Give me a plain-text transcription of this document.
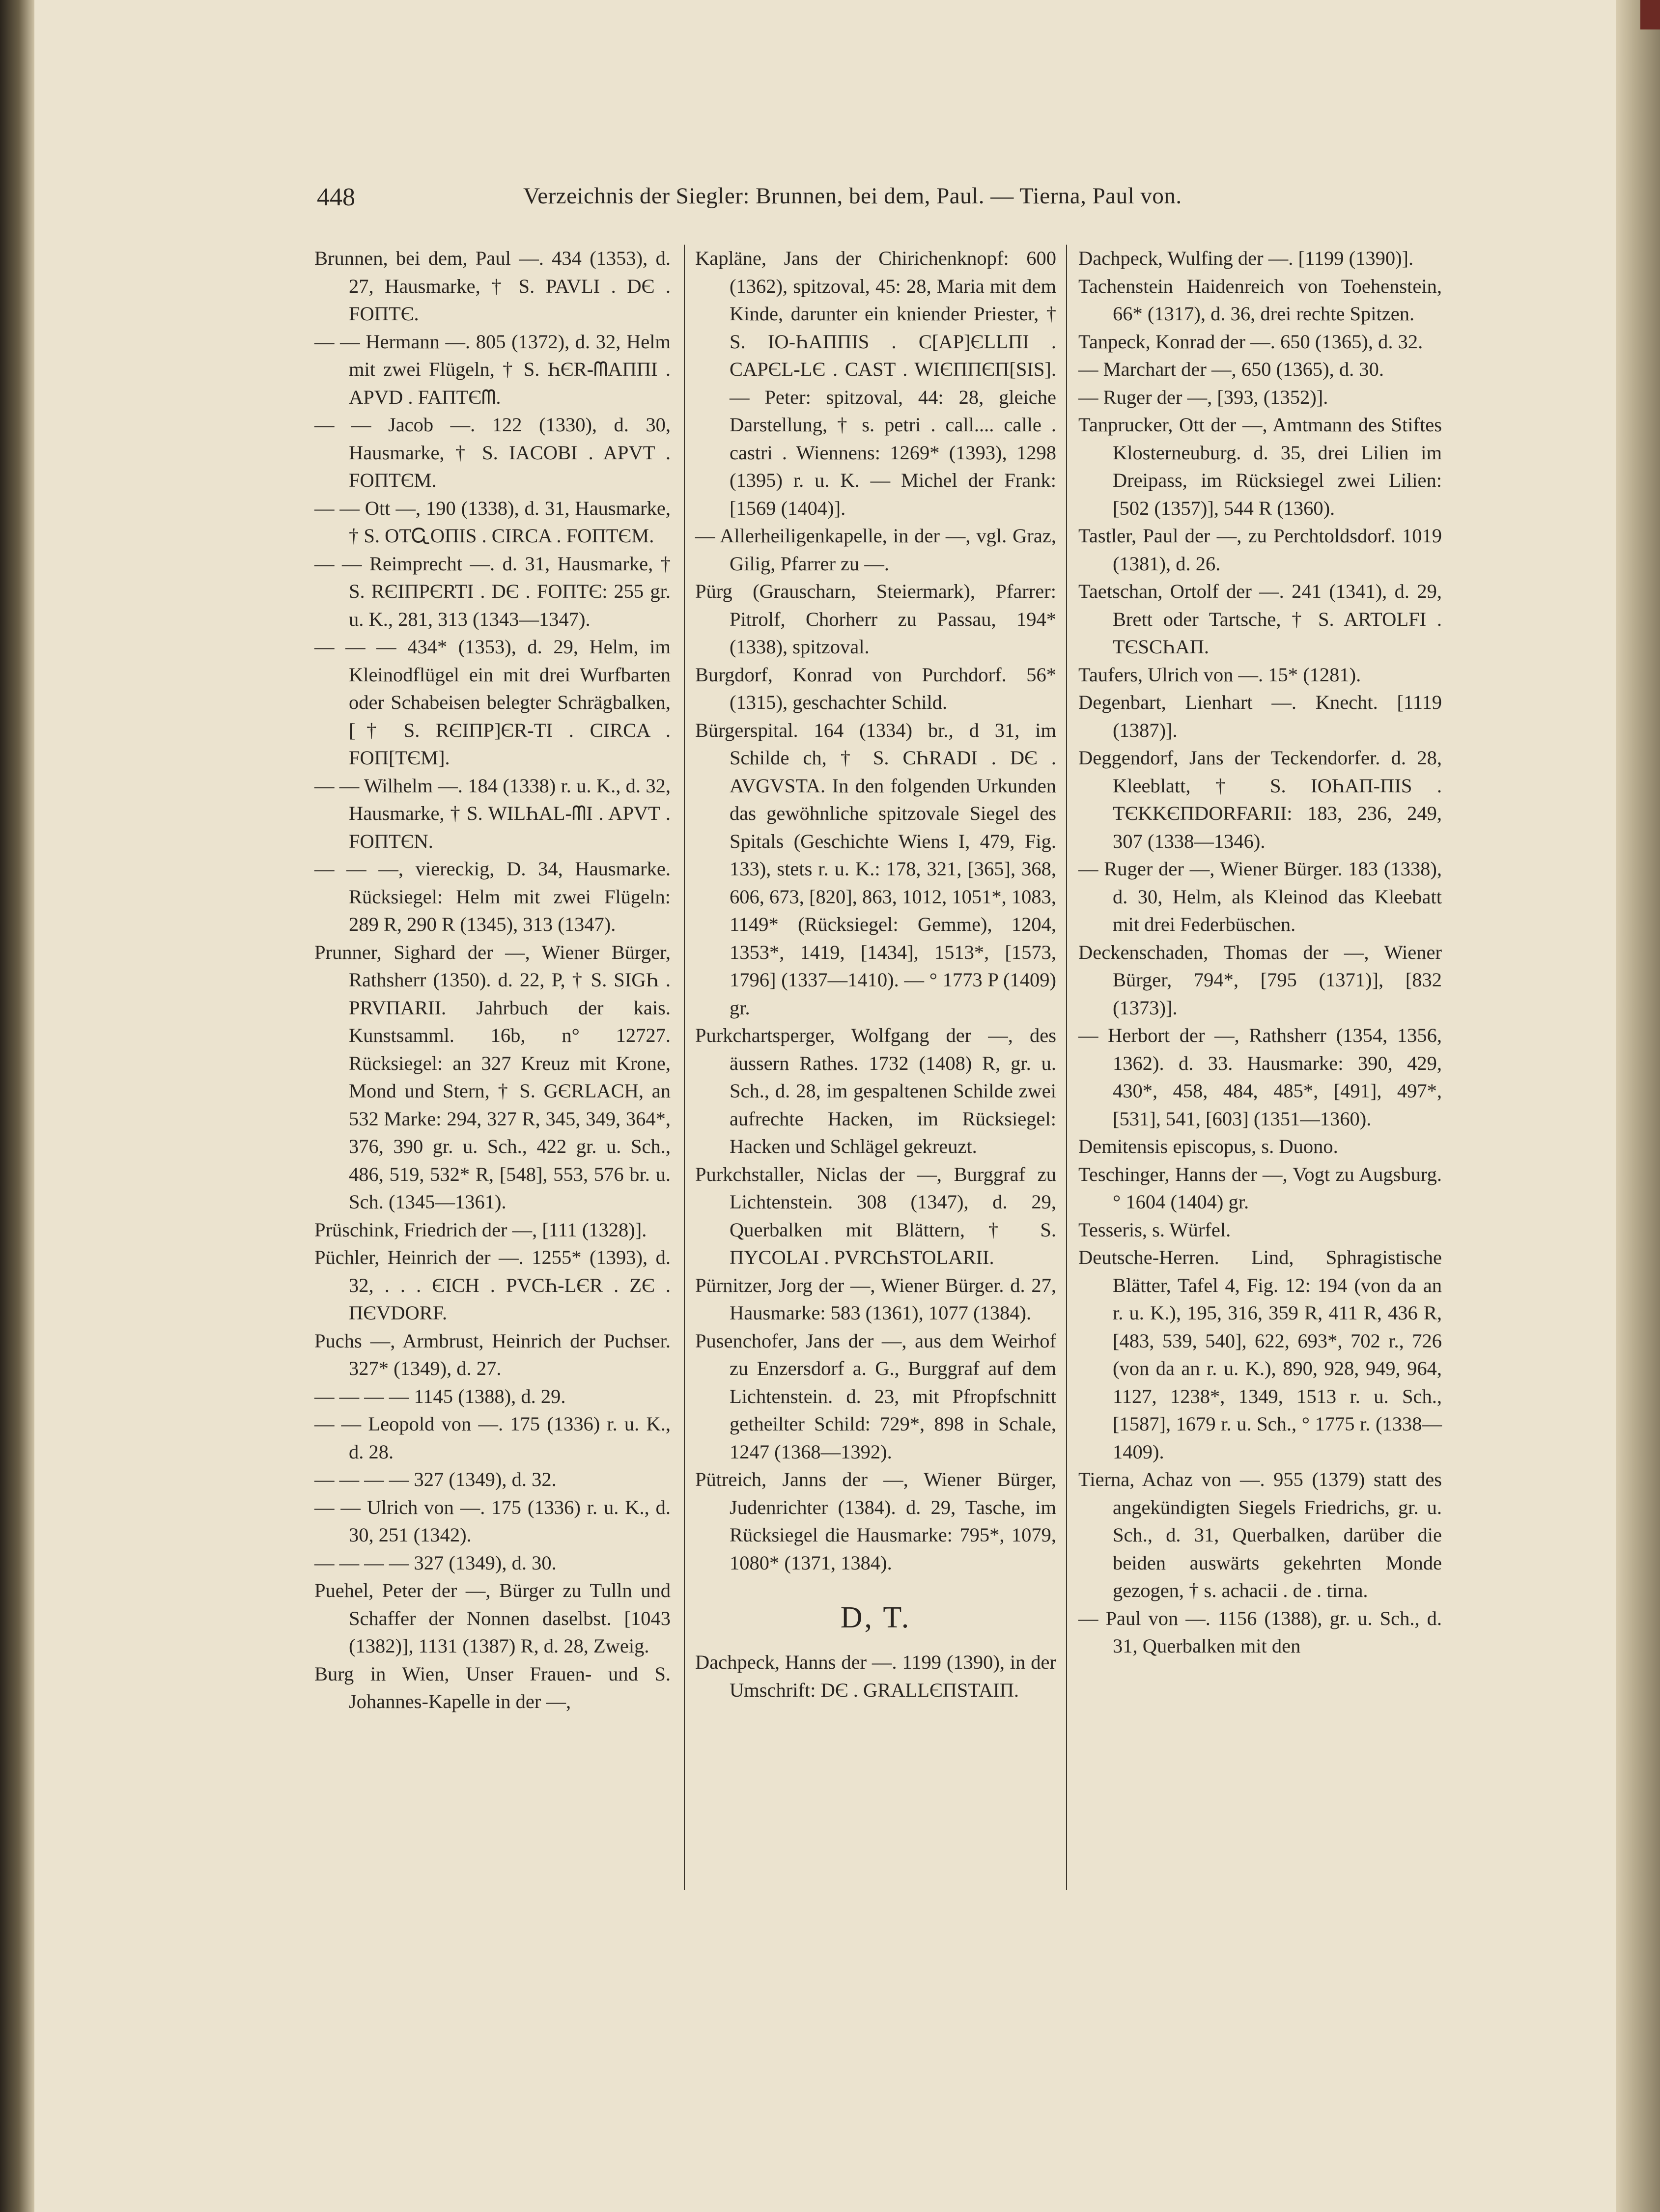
448	Verzeichnis der Siegler: Brunnen, bei dem, Paul. — Tierna, Paul von.

Brunnen, bei dem, Paul —. 434 (1353), d. 27, Hausmarke, † S. PAVLI . DЄ . FOПTЄ.

— — Hermann —. 805 (1372), d. 32, Helm mit zwei Flügeln, † S. ҺЄR-ᗰAППI . APVD . FAПTЄᗰ.

— — Jacob —. 122 (1330), d. 30, Hausmarke, † S. IACOBI . APVT . FOПTЄM.

— — Ott —, 190 (1338), d. 31, Hausmarke, † S. OTᏩOПIS . CIRCA . FOПTЄM.

— — Reimprecht —. d. 31, Hausmarke, † S. RЄIПPЄRTI . DЄ . FOПTЄ: 255 gr. u. K., 281, 313 (1343—1347).

— — — 434* (1353), d. 29, Helm, im Kleinodflügel ein mit drei Wurfbarten oder Schabeisen belegter Schrägbalken, [† S. RЄIПP]ЄR-TI . CIRCA . FOП[TЄM].

— — Wilhelm —. 184 (1338) r. u. K., d. 32, Hausmarke, † S. WILҺAL-ᗰI . APVT . FOПTЄN.

— — —, viereckig, D. 34, Hausmarke. Rücksiegel: Helm mit zwei Flügeln: 289 R, 290 R (1345), 313 (1347).

Prunner, Sighard der —, Wiener Bürger, Rathsherr (1350). d. 22, P, † S. SIGҺ . PRVПARII. Jahrbuch der kais. Kunstsamml. 16b, n° 12727. Rücksiegel: an 327 Kreuz mit Krone, Mond und Stern, † S. GЄRLACH, an 532 Marke: 294, 327 R, 345, 349, 364*, 376, 390 gr. u. Sch., 422 gr. u. Sch., 486, 519, 532* R, [548], 553, 576 br. u. Sch. (1345—1361).

Prüschink, Friedrich der —, [111 (1328)].

Püchler, Heinrich der —. 1255* (1393), d. 32, . . . ЄICH . PVCҺ-LЄR . ZЄ . ПЄVDORF.

Puchs —, Armbrust, Heinrich der Puchser. 327* (1349), d. 27.

— — — — 1145 (1388), d. 29.

— — Leopold von —. 175 (1336) r. u. K., d. 28.

— — — — 327 (1349), d. 32.

— — Ulrich von —. 175 (1336) r. u. K., d. 30, 251 (1342).

— — — — 327 (1349), d. 30.

Puehel, Peter der —, Bürger zu Tulln und Schaffer der Nonnen daselbst. [1043 (1382)], 1131 (1387) R, d. 28, Zweig.

Burg in Wien, Unser Frauen- und S. Johannes-Kapelle in der —,

Kapläne, Jans der Chirichenknopf: 600 (1362), spitzoval, 45: 28, Maria mit dem Kinde, darunter ein kniender Priester, † S. IO-ҺAППIS . C[AP]ЄLLПI . CAPЄL-LЄ . CAST . WIЄППЄП[SIS]. — Peter: spitzoval, 44: 28, gleiche Darstellung, † s. petri . call.... calle . castri . Wiennens: 1269* (1393), 1298 (1395) r. u. K. — Michel der Frank: [1569 (1404)].

— Allerheiligenkapelle, in der —, vgl. Graz, Gilig, Pfarrer zu —.

Pürg (Grauscharn, Steiermark), Pfarrer: Pitrolf, Chorherr zu Passau, 194* (1338), spitzoval.

Burgdorf, Konrad von Purchdorf. 56* (1315), geschachter Schild.

Bürgerspital. 164 (1334) br., d 31, im Schilde ch, † S. CҺRADI . DЄ . AVGVSTA. In den folgenden Urkunden das gewöhnliche spitzovale Siegel des Spitals (Geschichte Wiens I, 479, Fig. 133), stets r. u. K.: 178, 321, [365], 368, 606, 673, [820], 863, 1012, 1051*, 1083, 1149* (Rücksiegel: Gemme), 1204, 1353*, 1419, [1434], 1513*, [1573, 1796] (1337—1410). — ° 1773 P (1409) gr.

Purkchartsperger, Wolfgang der —, des äussern Rathes. 1732 (1408) R, gr. u. Sch., d. 28, im gespaltenen Schilde zwei aufrechte Hacken, im Rücksiegel: Hacken und Schlägel gekreuzt.

Purkchstaller, Niclas der —, Burggraf zu Lichtenstein. 308 (1347), d. 29, Querbalken mit Blättern, † S. ПYCOLAI . PVRCҺSTOLARII.

Pürnitzer, Jorg der —, Wiener Bürger. d. 27, Hausmarke: 583 (1361), 1077 (1384).

Pusenchofer, Jans der —, aus dem Weirhof zu Enzersdorf a. G., Burggraf auf dem Lichtenstein. d. 23, mit Pfropfschnitt getheilter Schild: 729*, 898 in Schale, 1247 (1368—1392).

Pütreich, Janns der —, Wiener Bürger, Judenrichter (1384). d. 29, Tasche, im Rücksiegel die Hausmarke: 795*, 1079, 1080* (1371, 1384).

D, T.

Dachpeck, Hanns der —. 1199 (1390), in der Umschrift: DЄ . GRALLЄПSTAIП.

Dachpeck, Wulfing der —. [1199 (1390)].

Tachenstein Haidenreich von Toehenstein, 66* (1317), d. 36, drei rechte Spitzen.

Tanpeck, Konrad der —. 650 (1365), d. 32.

— Marchart der —, 650 (1365), d. 30.

— Ruger der —, [393, (1352)].

Tanprucker, Ott der —, Amtmann des Stiftes Klosterneuburg. d. 35, drei Lilien im Dreipass, im Rücksiegel zwei Lilien: [502 (1357)], 544 R (1360).

Tastler, Paul der —, zu Perchtoldsdorf. 1019 (1381), d. 26.

Taetschan, Ortolf der —. 241 (1341), d. 29, Brett oder Tartsche, † S. ARTOLFI . TЄSCҺAП.

Taufers, Ulrich von —. 15* (1281).

Degenbart, Lienhart —. Knecht. [1119 (1387)].

Deggendorf, Jans der Teckendorfer. d. 28, Kleeblatt, † S. IOҺAП-ПIS . TЄKKЄПDORFARII: 183, 236, 249, 307 (1338—1346).

— Ruger der —, Wiener Bürger. 183 (1338), d. 30, Helm, als Kleinod das Kleebatt mit drei Federbüschen.

Deckenschaden, Thomas der —, Wiener Bürger, 794*, [795 (1371)], [832 (1373)].

— Herbort der —, Rathsherr (1354, 1356, 1362). d. 33. Hausmarke: 390, 429, 430*, 458, 484, 485*, [491], 497*, [531], 541, [603] (1351—1360).

Demitensis episcopus, s. Duono.

Teschinger, Hanns der —, Vogt zu Augsburg. ° 1604 (1404) gr.

Tesseris, s. Würfel.

Deutsche-Herren. Lind, Sphragistische Blätter, Tafel 4, Fig. 12: 194 (von da an r. u. K.), 195, 316, 359 R, 411 R, 436 R, [483, 539, 540], 622, 693*, 702 r., 726 (von da an r. u. K.), 890, 928, 949, 964, 1127, 1238*, 1349, 1513 r. u. Sch., [1587], 1679 r. u. Sch., ° 1775 r. (1338—1409).

Tierna, Achaz von —. 955 (1379) statt des angekündigten Siegels Friedrichs, gr. u. Sch., d. 31, Querbalken, darüber die beiden auswärts gekehrten Monde gezogen, † s. achacii . de . tirna.

— Paul von —. 1156 (1388), gr. u. Sch., d. 31, Querbalken mit den
